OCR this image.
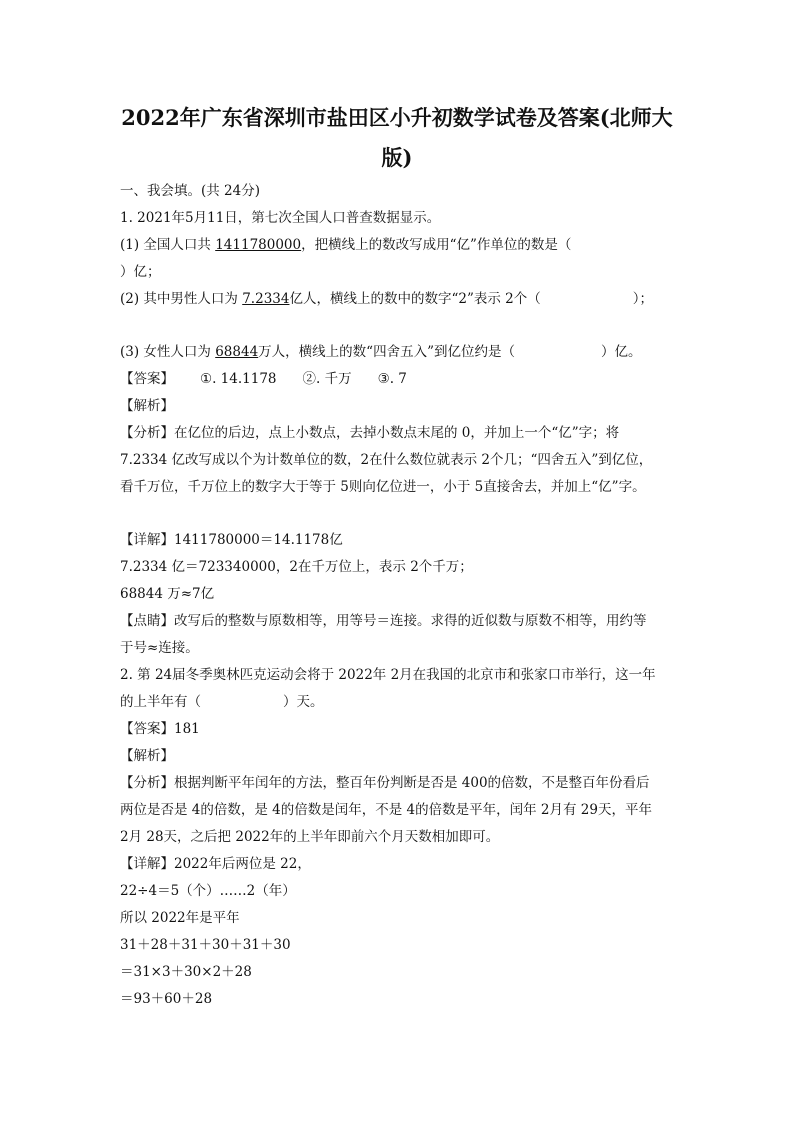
2022年广东省深圳市盐田区小升初数学试卷及答案(北师大版)
一、我会填。(共 24分)
1. 2021年5月11日，第七次全国人口普查数据显示。
(1) 全国人口共 1411780000，把横线上的数改写成用“亿”作单位的数是（
）亿；
(2) 其中男性人口为 7.2334亿人，横线上的数中的数字“2”表示 2个（	）；
(3) 女性人口为 68844万人，横线上的数“四舍五入”到亿位约是（	）亿。
【答案】 ①. 14.1178 ②. 千万 ③. 7
【解析】
【分析】在亿位的后边，点上小数点，去掉小数点末尾的 0，并加上一个“亿”字；将
7.2334 亿改写成以个为计数单位的数，2在什么数位就表示 2个几；“四舍五入”到亿位，
看千万位，千万位上的数字大于等于 5则向亿位进一，小于 5直接舍去，并加上“亿”字。
【详解】1411780000＝14.1178亿
7.2334 亿＝723340000，2在千万位上，表示 2个千万；
68844 万≈7亿
【点睛】改写后的整数与原数相等，用等号＝连接。求得的近似数与原数不相等，用约等
于号≈连接。
2. 第 24届冬季奥林匹克运动会将于 2022年 2月在我国的北京市和张家口市举行，这一年
的上半年有（	）天。
【答案】181
【解析】
【分析】根据判断平年闰年的方法，整百年份判断是否是 400的倍数，不是整百年份看后
两位是否是 4的倍数，是 4的倍数是闰年，不是 4的倍数是平年，闰年 2月有 29天，平年
2月 28天，之后把 2022年的上半年即前六个月天数相加即可。
【详解】2022年后两位是 22，
22÷4＝5（个）……2（年）
所以 2022年是平年
31＋28＋31＋30＋31＋30
＝31×3＋30×2＋28
＝93＋60＋28
